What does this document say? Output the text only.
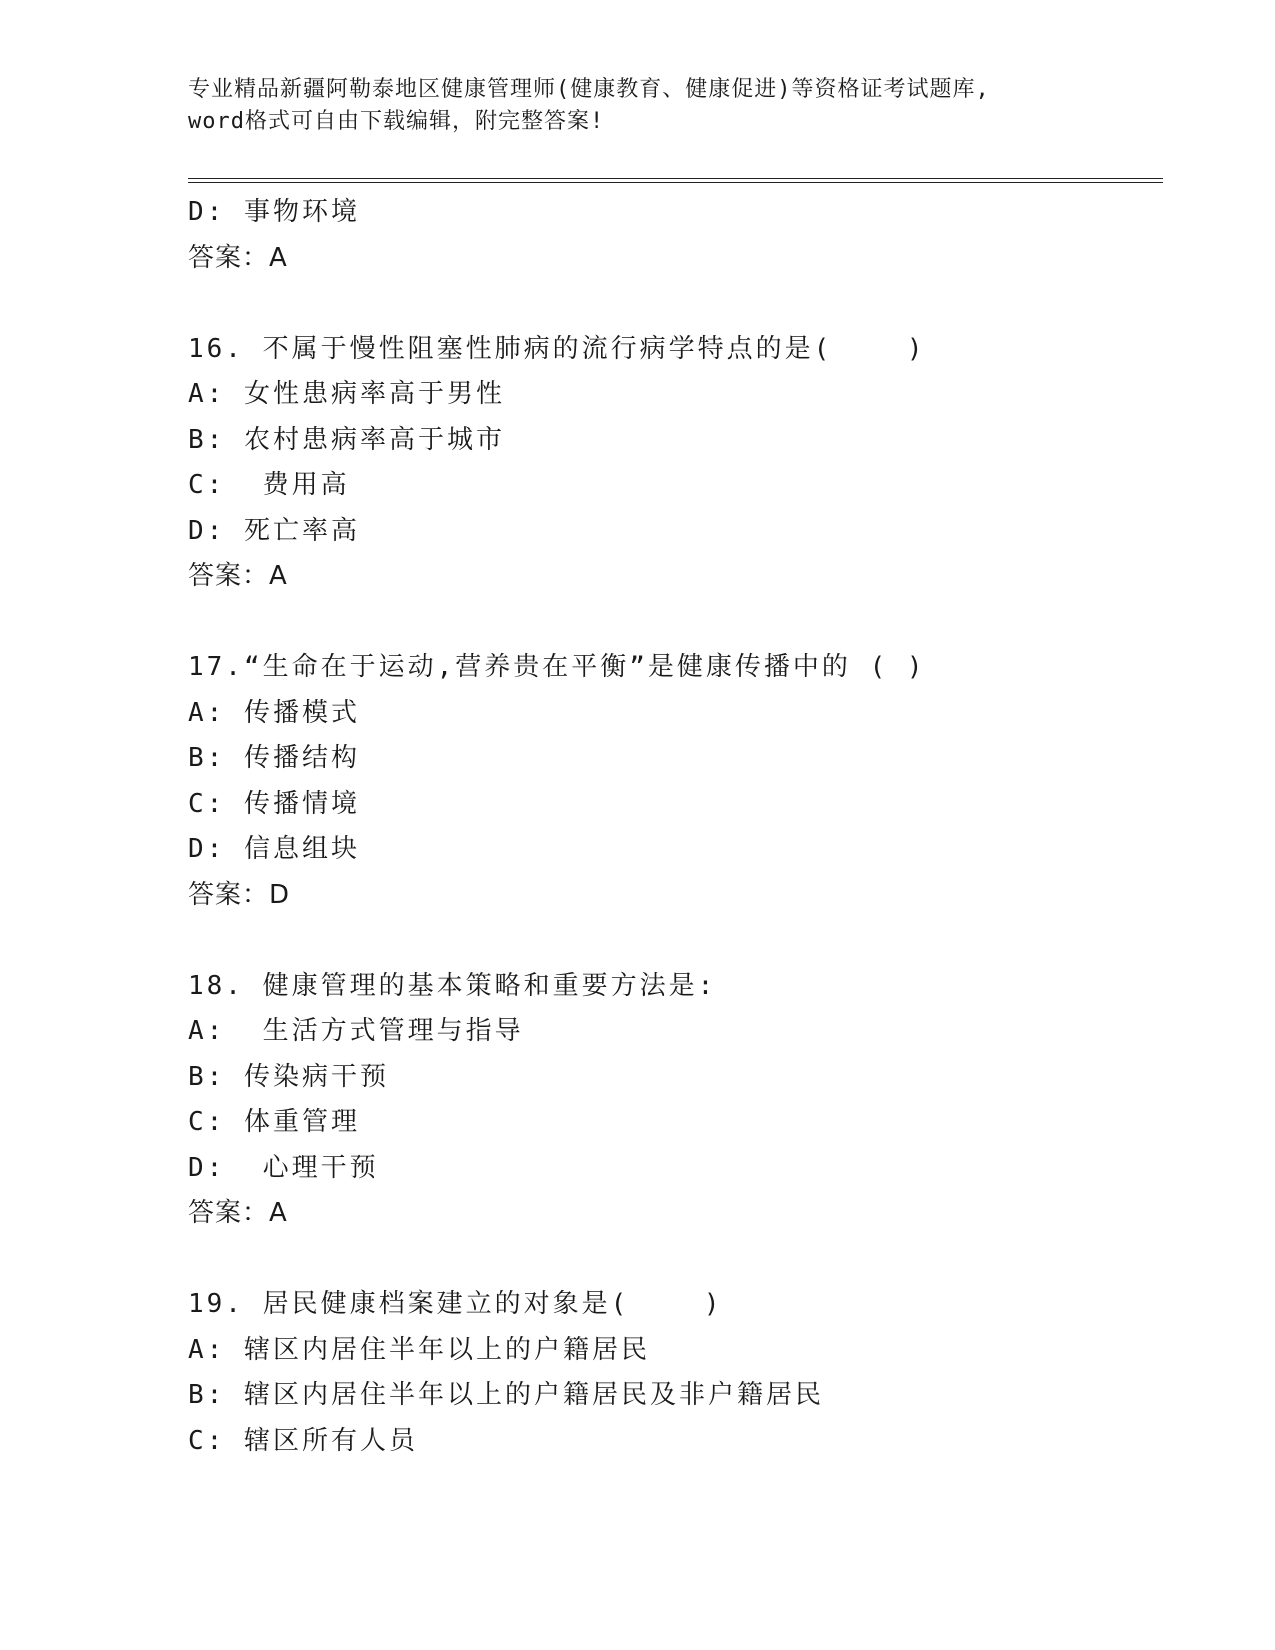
专业精品新疆阿勒泰地区健康管理师(健康教育、健康促进)等资格证考试题库,
word格式可自由下载编辑，附完整答案!
D: 事物环境
答案：A
16. 不属于慢性阻塞性肺病的流行病学特点的是(    )
A: 女性患病率高于男性
B: 农村患病率高于城市
C:  费用高
D: 死亡率高
答案：A
17.“生命在于运动,营养贵在平衡”是健康传播中的 ( )
A: 传播模式
B: 传播结构
C: 传播情境
D: 信息组块
答案：D
18. 健康管理的基本策略和重要方法是:
A:  生活方式管理与指导
B: 传染病干预
C: 体重管理
D:  心理干预
答案：A
19. 居民健康档案建立的对象是(    )
A: 辖区内居住半年以上的户籍居民
B: 辖区内居住半年以上的户籍居民及非户籍居民
C: 辖区所有人员
